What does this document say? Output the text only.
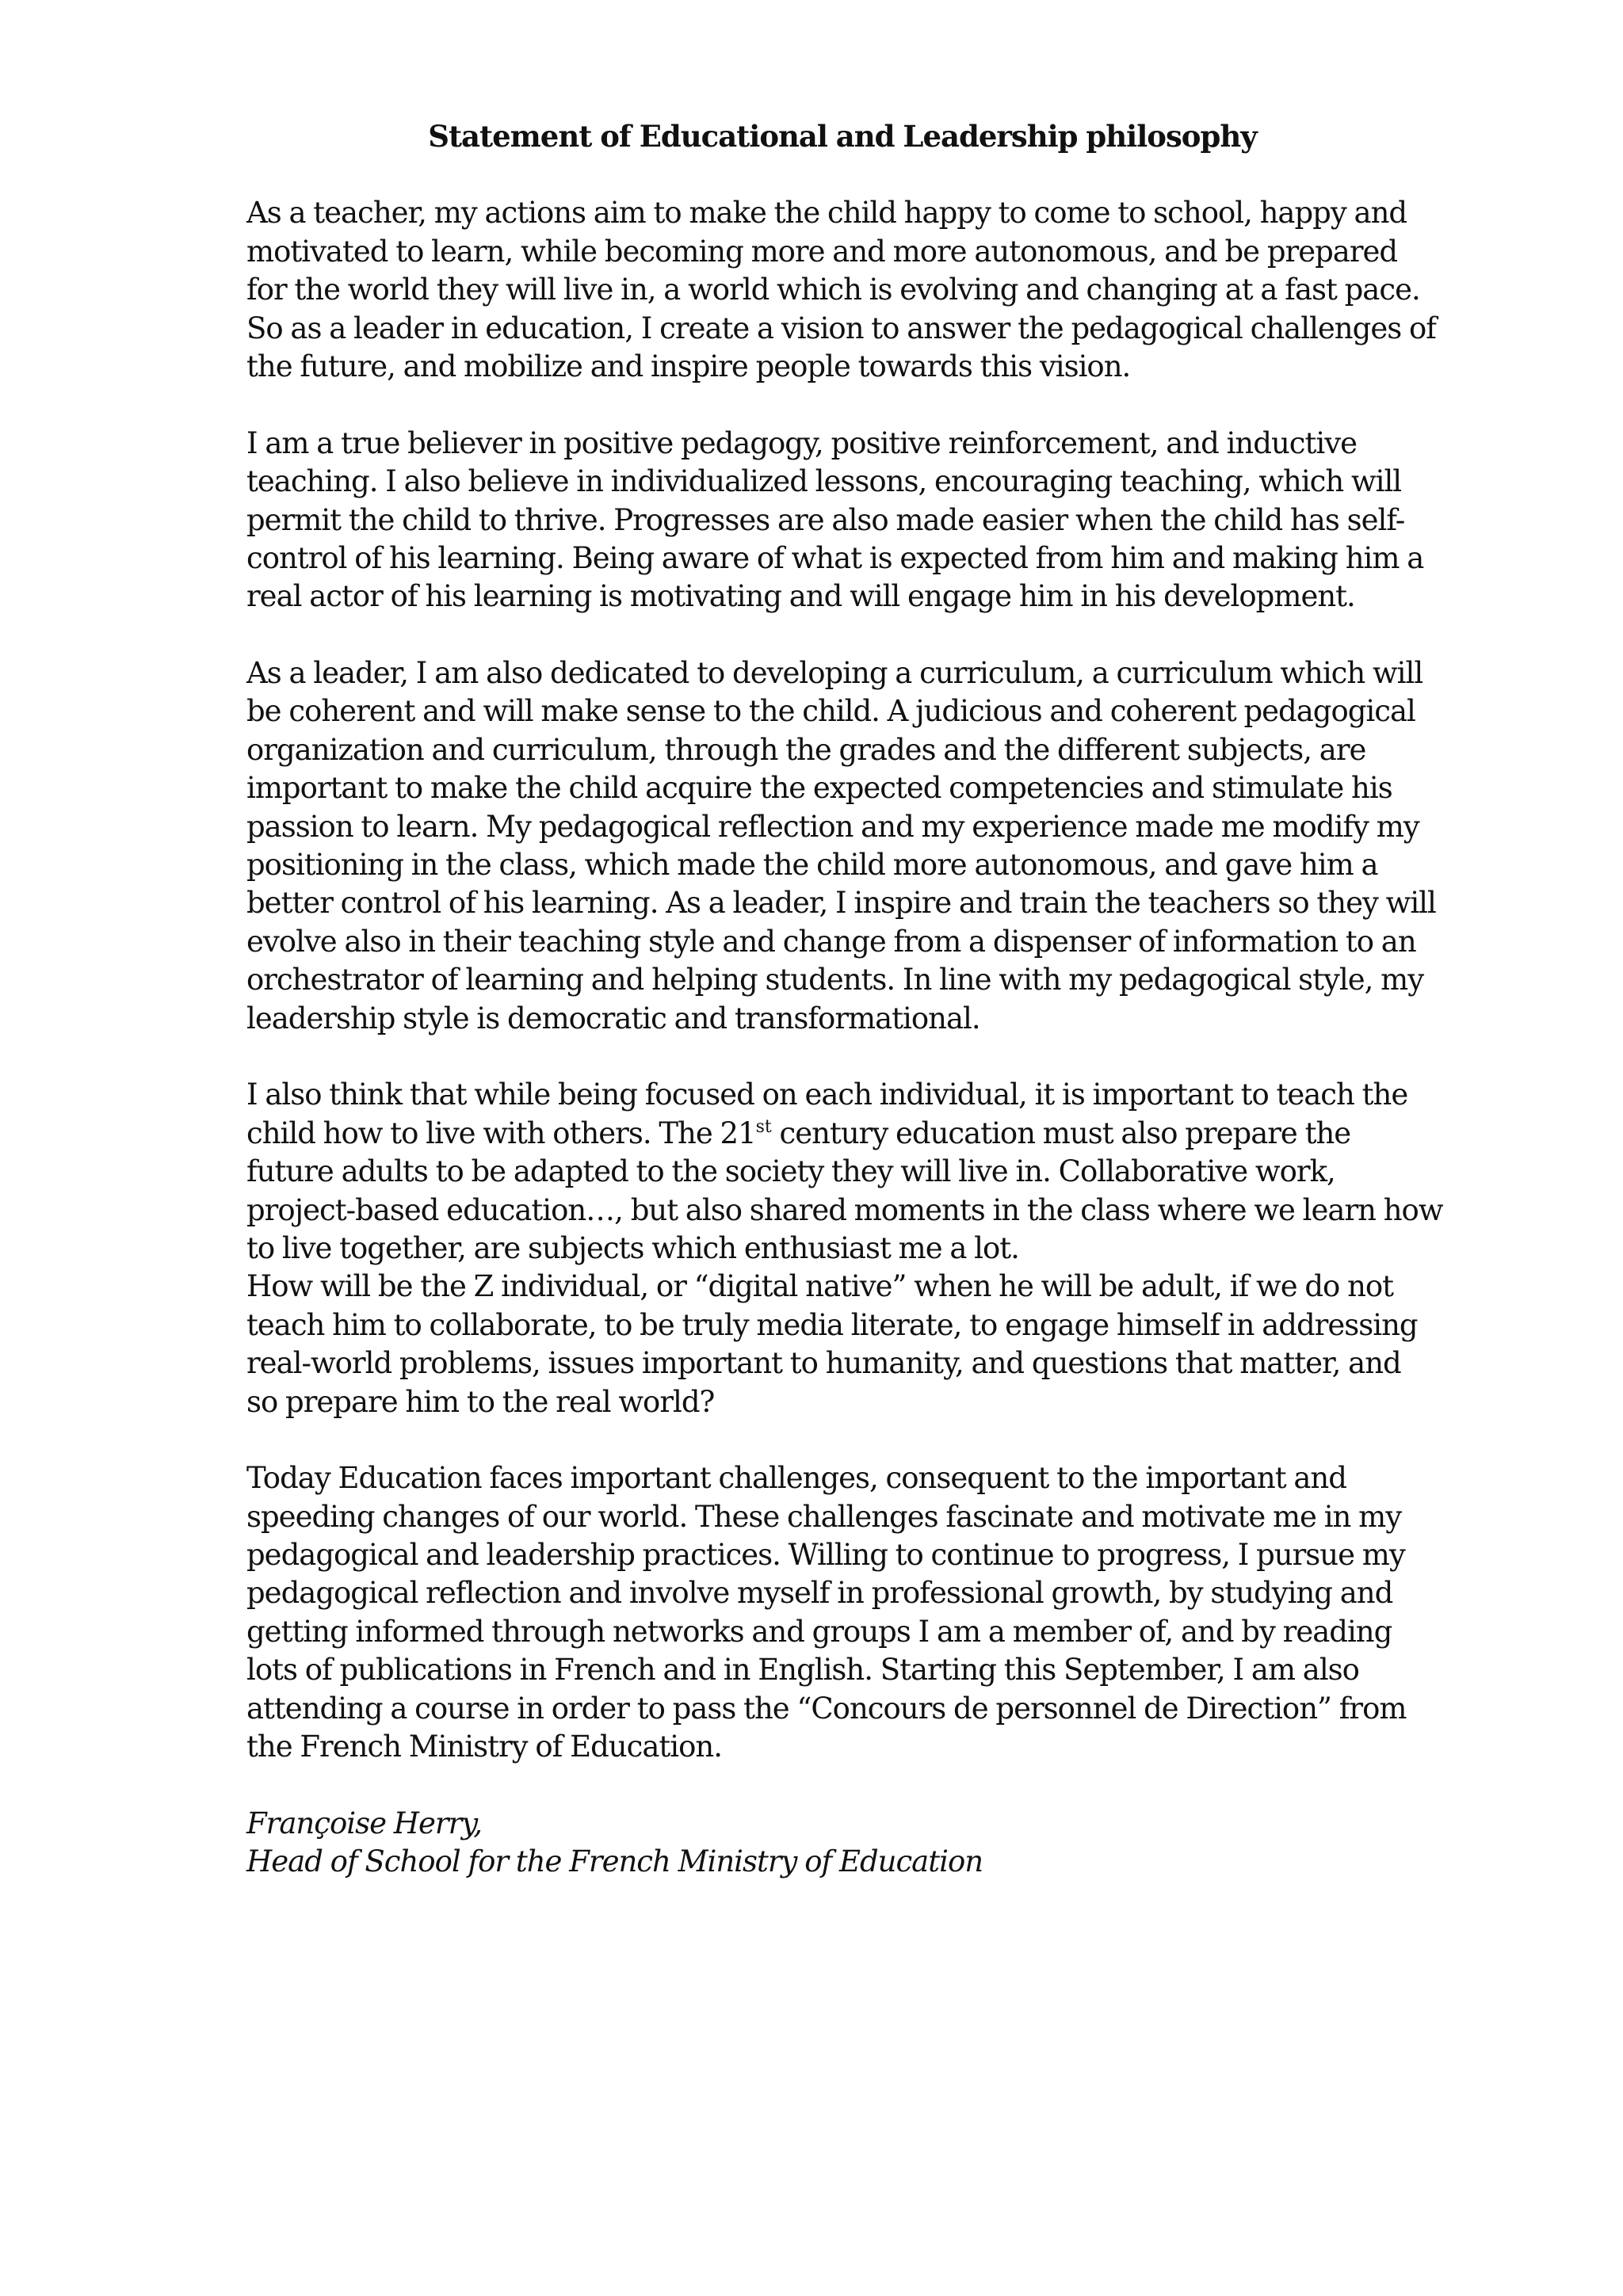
Statement of Educational and Leadership philosophy
As a teacher, my actions aim to make the child happy to come to school, happy and
motivated to learn, while becoming more and more autonomous, and be prepared
for the world they will live in, a world which is evolving and changing at a fast pace.
So as a leader in education, I create a vision to answer the pedagogical challenges of
the future, and mobilize and inspire people towards this vision.
I am a true believer in positive pedagogy, positive reinforcement, and inductive
teaching. I also believe in individualized lessons, encouraging teaching, which will
permit the child to thrive. Progresses are also made easier when the child has self-
control of his learning. Being aware of what is expected from him and making him a
real actor of his learning is motivating and will engage him in his development.
As a leader, I am also dedicated to developing a curriculum, a curriculum which will
be coherent and will make sense to the child. A judicious and coherent pedagogical
organization and curriculum, through the grades and the different subjects, are
important to make the child acquire the expected competencies and stimulate his
passion to learn. My pedagogical reflection and my experience made me modify my
positioning in the class, which made the child more autonomous, and gave him a
better control of his learning. As a leader, I inspire and train the teachers so they will
evolve also in their teaching style and change from a dispenser of information to an
orchestrator of learning and helping students. In line with my pedagogical style, my
leadership style is democratic and transformational.
I also think that while being focused on each individual, it is important to teach the
child how to live with others. The 21st century education must also prepare the
future adults to be adapted to the society they will live in. Collaborative work,
project-based education…, but also shared moments in the class where we learn how
to live together, are subjects which enthusiast me a lot.
How will be the Z individual, or “digital native” when he will be adult, if we do not
teach him to collaborate, to be truly media literate, to engage himself in addressing
real-world problems, issues important to humanity, and questions that matter, and
so prepare him to the real world?
Today Education faces important challenges, consequent to the important and
speeding changes of our world. These challenges fascinate and motivate me in my
pedagogical and leadership practices. Willing to continue to progress, I pursue my
pedagogical reflection and involve myself in professional growth, by studying and
getting informed through networks and groups I am a member of, and by reading
lots of publications in French and in English. Starting this September, I am also
attending a course in order to pass the “Concours de personnel de Direction” from
the French Ministry of Education.
Françoise Herry,
Head of School for the French Ministry of Education
